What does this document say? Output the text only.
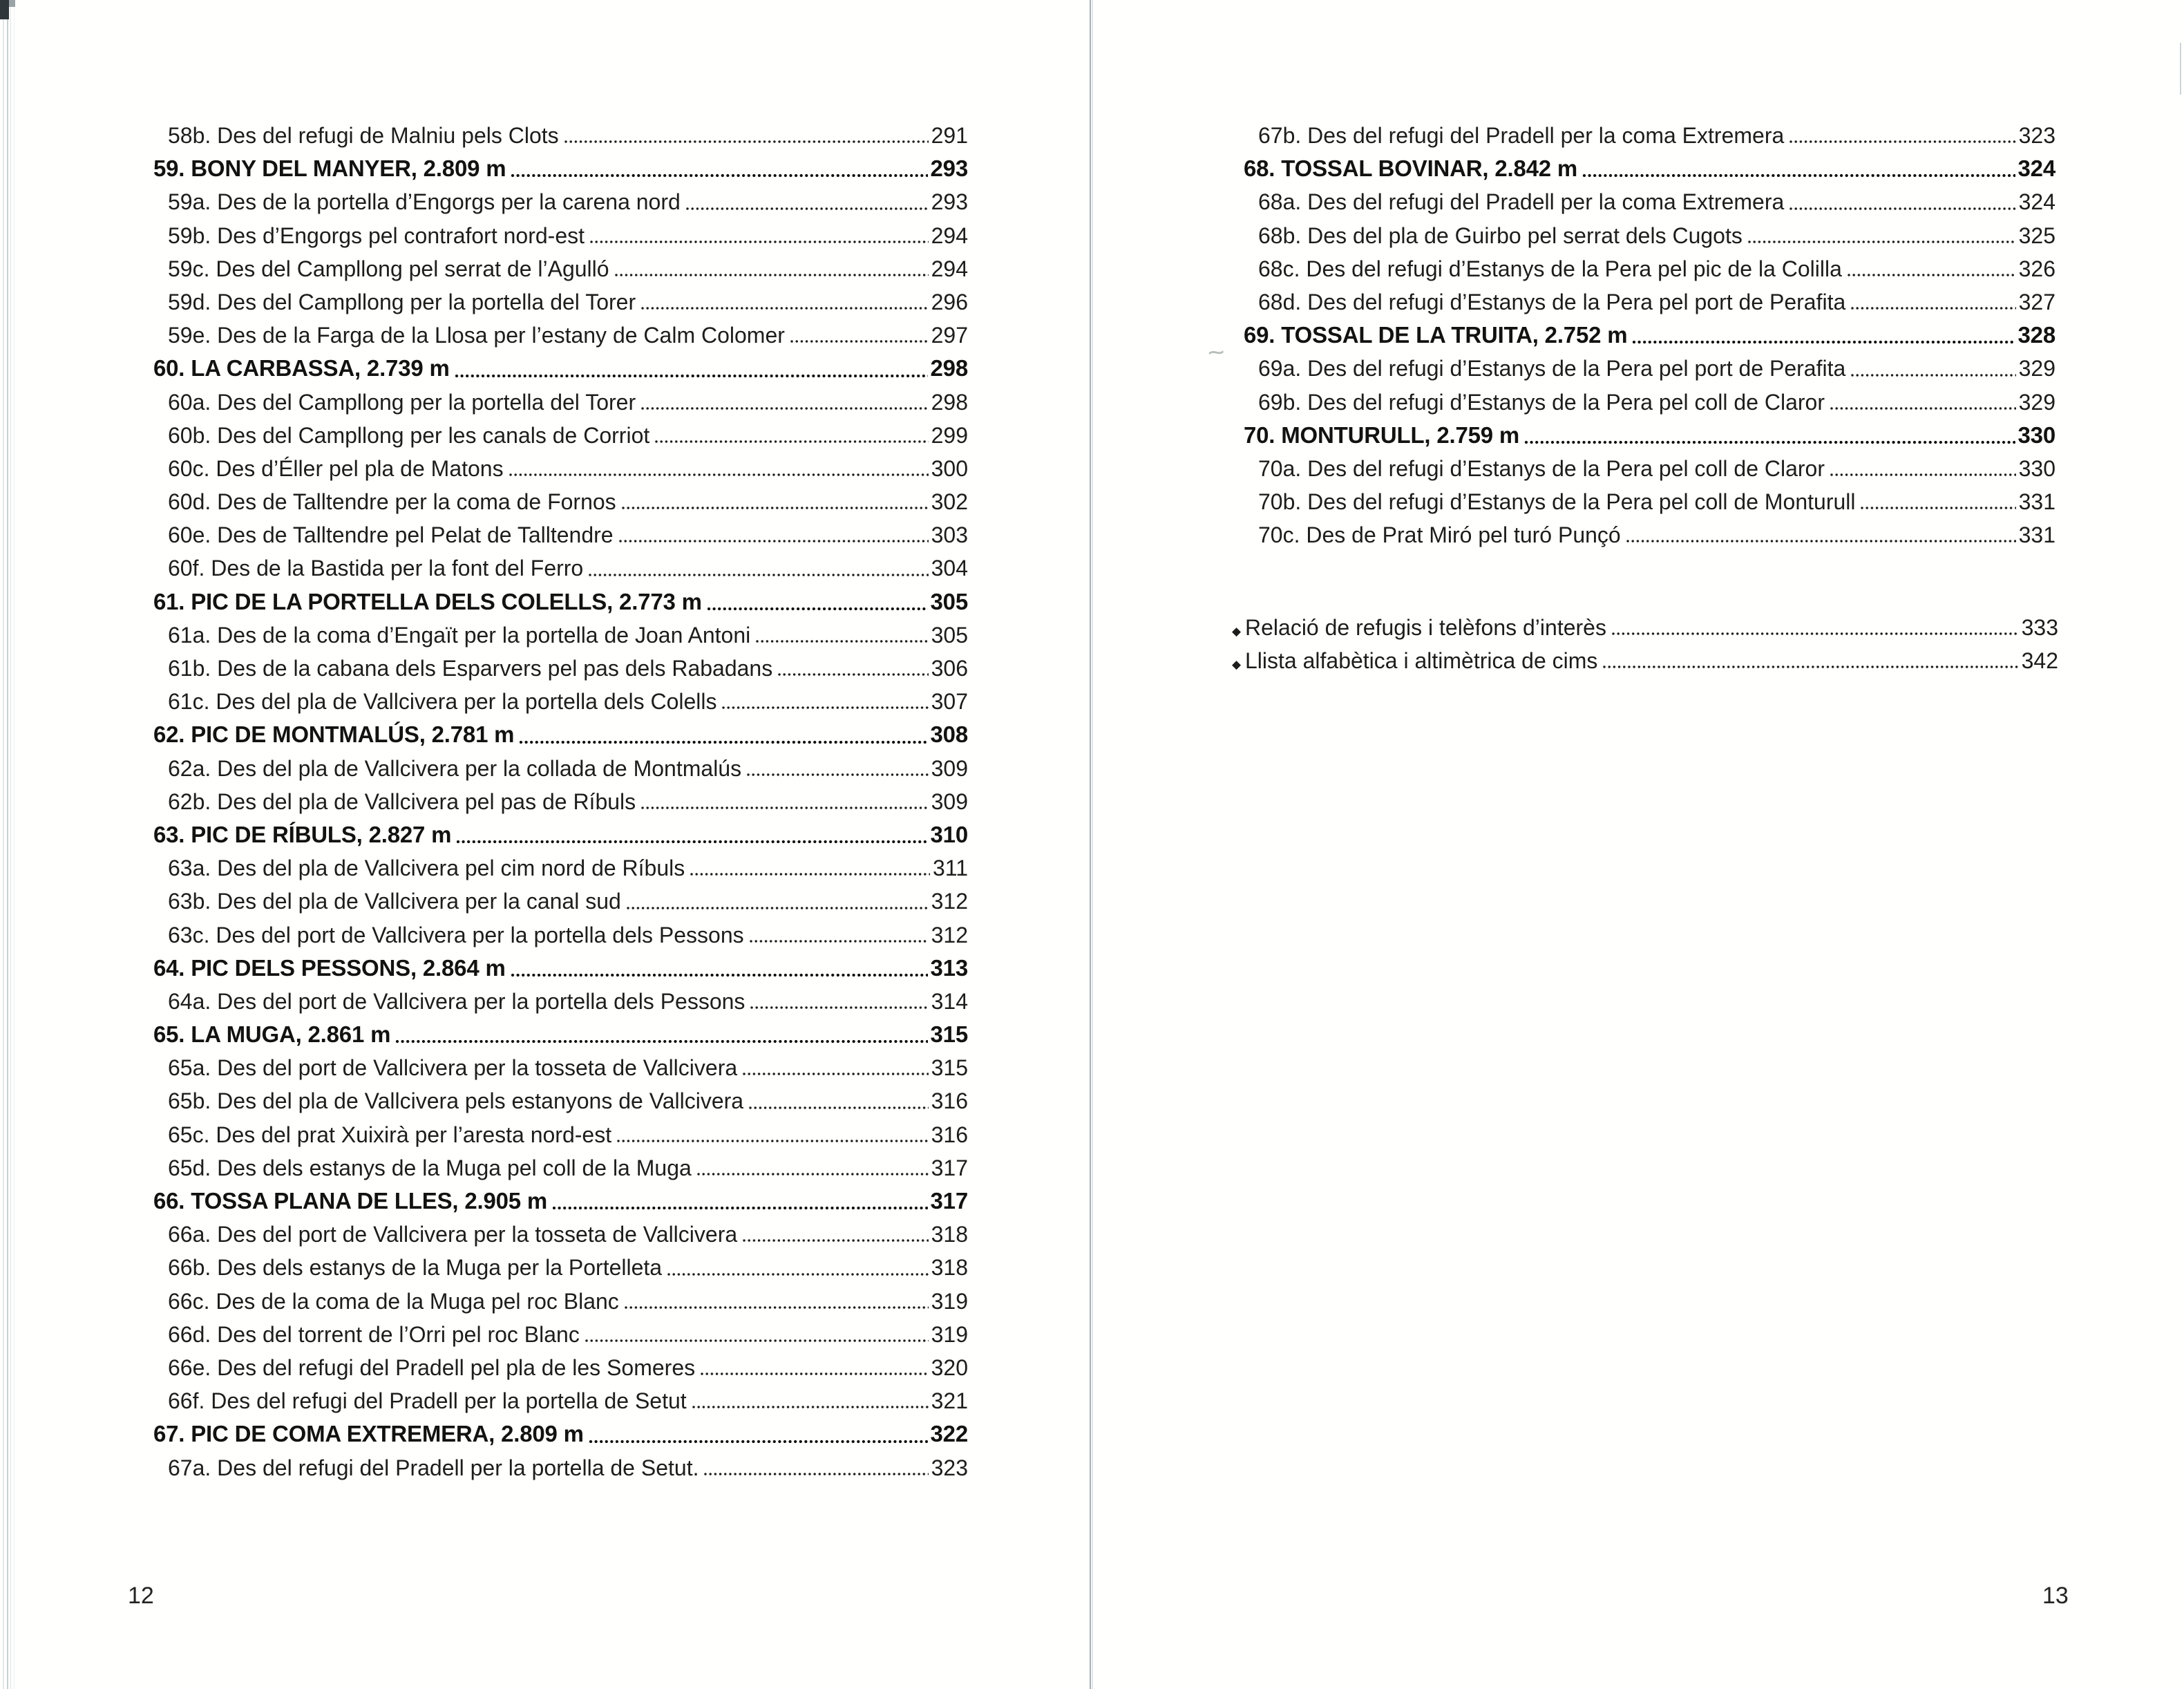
~
58b. Des del refugi de Malniu pels Clots	291
59. BONY DEL MANYER, 2.809 m	293
59a. Des de la portella d’Engorgs per la carena nord	293
59b. Des d’Engorgs pel contrafort nord-est	294
59c. Des del Campllong pel serrat de l’Agulló	294
59d. Des del Campllong per la portella del Torer	296
59e. Des de la Farga de la Llosa per l’estany de Calm Colomer	297
60. LA CARBASSA, 2.739 m	298
60a. Des del Campllong per la portella del Torer	298
60b. Des del Campllong per les canals de Corriot	299
60c. Des d’Éller pel pla de Matons	300
60d. Des de Talltendre per la coma de Fornos	302
60e. Des de Talltendre pel Pelat de Talltendre	303
60f. Des de la Bastida per la font del Ferro	304
61. PIC DE LA PORTELLA DELS COLELLS, 2.773 m	305
61a. Des de la coma d’Engaït per la portella de Joan Antoni	305
61b. Des de la cabana dels Esparvers pel pas dels Rabadans	306
61c. Des del pla de Vallcivera per la portella dels Colells	307
62. PIC DE MONTMALÚS, 2.781 m	308
62a. Des del pla de Vallcivera per la collada de Montmalús	309
62b. Des del pla de Vallcivera pel pas de Ríbuls	309
63. PIC DE RÍBULS, 2.827 m	310
63a. Des del pla de Vallcivera pel cim nord de Ríbuls	311
63b. Des del pla de Vallcivera per la canal sud	312
63c. Des del port de Vallcivera per la portella dels Pessons	312
64. PIC DELS PESSONS, 2.864 m	313
64a. Des del port de Vallcivera per la portella dels Pessons	314
65. LA MUGA, 2.861 m	315
65a. Des del port de Vallcivera per la tosseta de Vallcivera	315
65b. Des del pla de Vallcivera pels estanyons de Vallcivera	316
65c. Des del prat Xuixirà per l’aresta nord-est	316
65d. Des dels estanys de la Muga pel coll de la Muga	317
66. TOSSA PLANA DE LLES, 2.905 m	317
66a. Des del port de Vallcivera per la tosseta de Vallcivera	318
66b. Des dels estanys de la Muga per la Portelleta	318
66c. Des de la coma de la Muga pel roc Blanc	319
66d. Des del torrent de l’Orri pel roc Blanc	319
66e. Des del refugi del Pradell pel pla de les Someres	320
66f. Des del refugi del Pradell per la portella de Setut	321
67. PIC DE COMA EXTREMERA, 2.809 m	322
67a. Des del refugi del Pradell per la portella de Setut.	323
67b. Des del refugi del Pradell per la coma Extremera	323
68. TOSSAL BOVINAR, 2.842 m	324
68a. Des del refugi del Pradell per la coma Extremera	324
68b. Des del pla de Guirbo pel serrat dels Cugots	325
68c. Des del refugi d’Estanys de la Pera pel pic de la Colilla	326
68d. Des del refugi d’Estanys de la Pera pel port de Perafita	327
69. TOSSAL DE LA TRUITA, 2.752 m	328
69a. Des del refugi d’Estanys de la Pera pel port de Perafita	329
69b. Des del refugi d’Estanys de la Pera pel coll de Claror	329
70. MONTURULL, 2.759 m	330
70a. Des del refugi d’Estanys de la Pera pel coll de Claror	330
70b. Des del refugi d’Estanys de la Pera pel coll de Monturull	331
70c. Des de Prat Miró pel turó Punçó	331
◆ Relació de refugis i telèfons d’interès	333
◆ Llista alfabètica i altimètrica de cims	342
12	13
